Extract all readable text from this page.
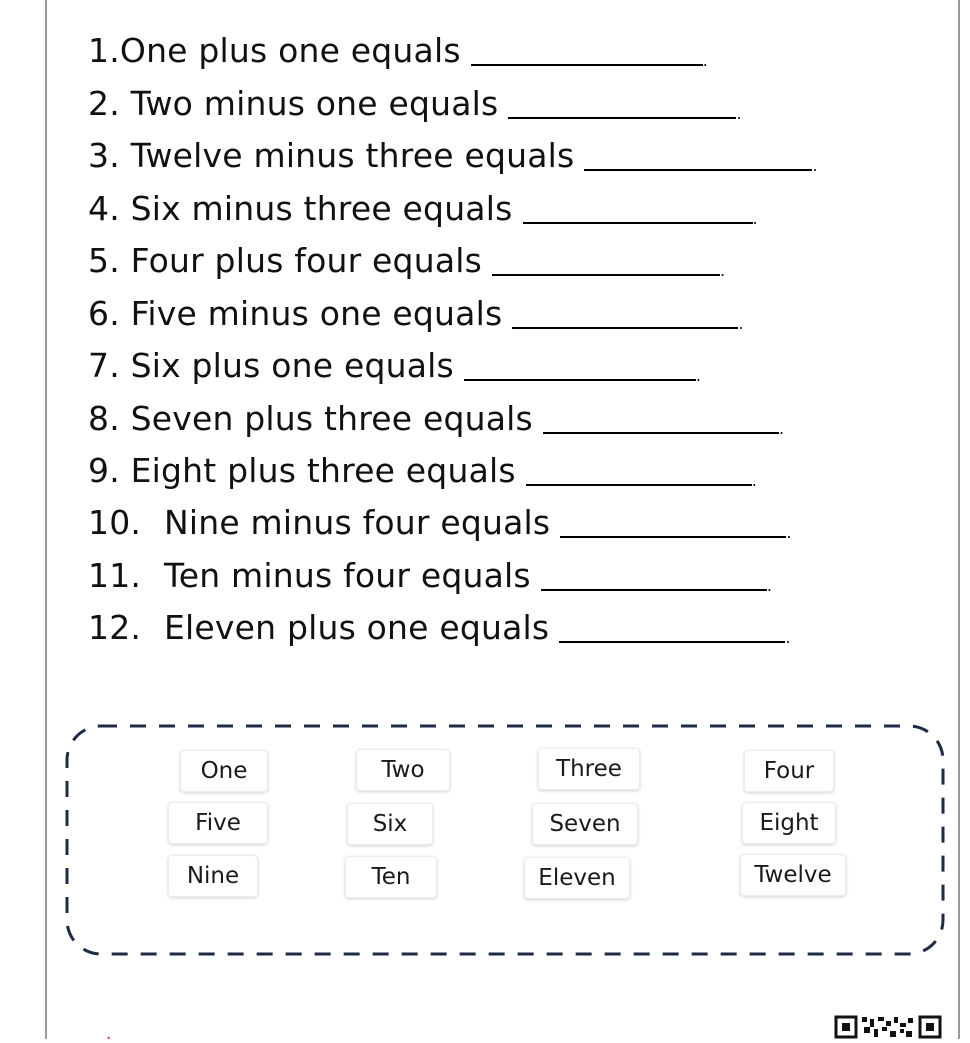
1.One plus one equals	.
2. Two minus one equals	.
3. Twelve minus three equals	.
4. Six minus three equals	.
5. Four plus four equals	.
6. Five minus one equals	.
7. Six plus one equals	.
8. Seven plus three equals	.
9. Eight plus three equals	.
10. Nine minus four equals	.
11. Ten minus four equals	.
12. Eleven plus one equals	.
One	Two	Three	Four
Five	Six	Seven	Eight
Nine	Ten	Eleven	Twelve
